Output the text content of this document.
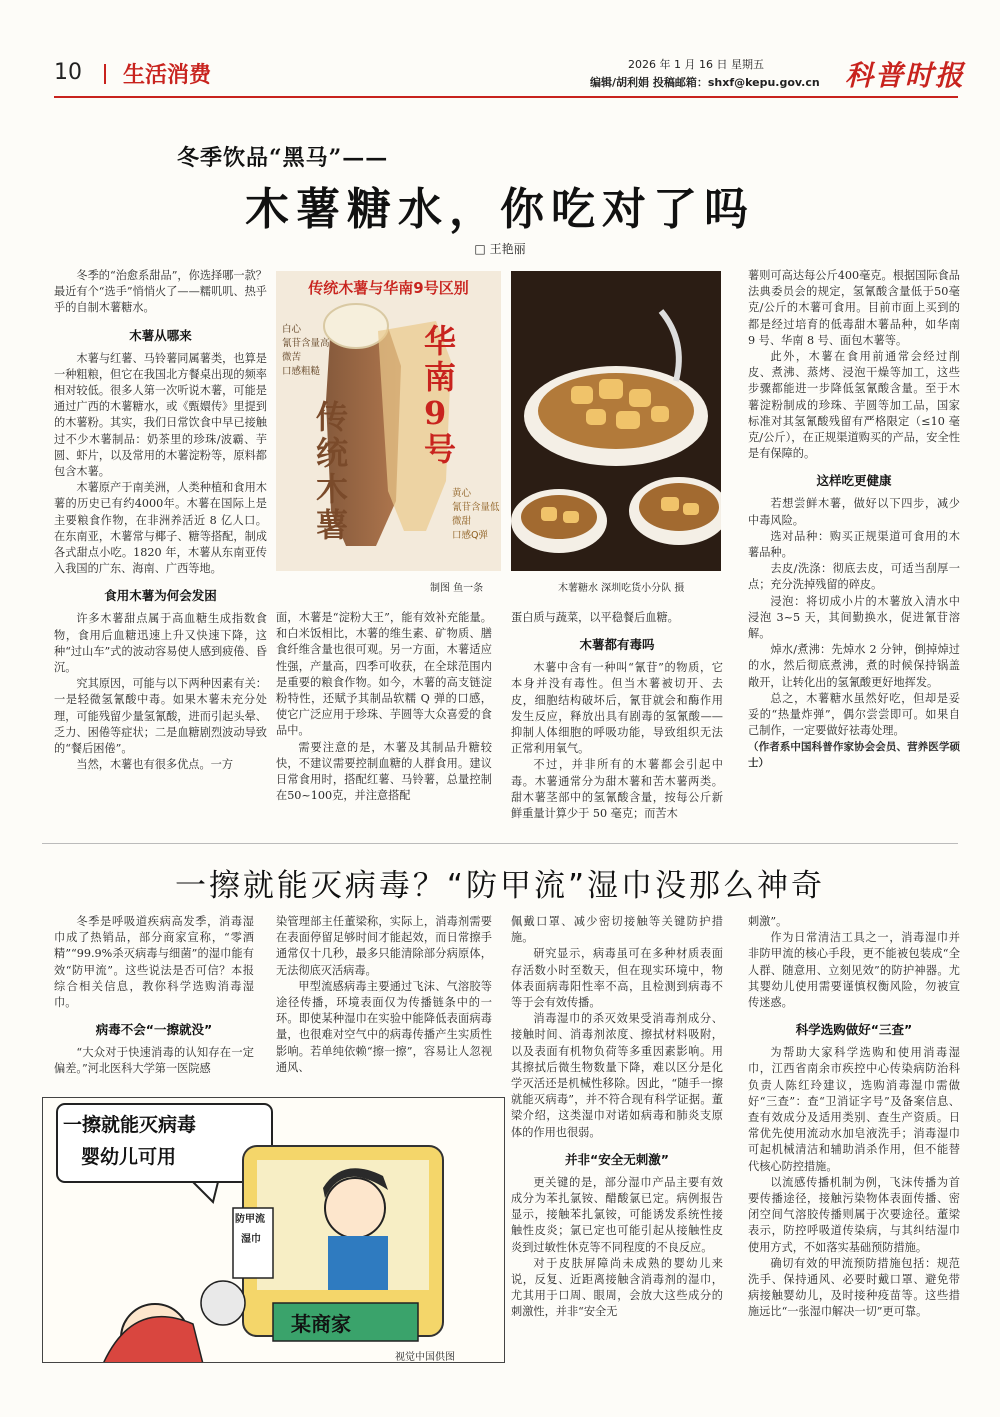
10 生活消费	2026 年 1 月 16 日 星期五
编辑/胡利娟 投稿邮箱：shxf@kepu.gov.cn 科普时报
冬季饮品“黑马”——
木薯糖水，你吃对了吗
□ 王艳丽

冬季的“治愈系甜品”，你选择哪一款？最近有个“选手”悄悄火了——糯叽叽、热乎乎的自制木薯糖水。

木薯从哪来

木薯与红薯、马铃薯同属薯类，也算是一种粗粮，但它在我国北方餐桌出现的频率相对较低。很多人第一次听说木薯，可能是通过广西的木薯糖水，或《甄嬛传》里提到的木薯粉。其实，我们日常饮食中早已接触过不少木薯制品：奶茶里的珍珠/波霸、芋圆、虾片，以及常用的木薯淀粉等，原料都包含木薯。

木薯原产于南美洲，人类种植和食用木薯的历史已有约4000年。木薯在国际上是主要粮食作物，在非洲养活近 8 亿人口。在东南亚，木薯常与椰子、糖等搭配，制成各式甜点小吃。1820 年，木薯从东南亚传入我国的广东、海南、广西等地。

食用木薯为何会发困

许多木薯甜点属于高血糖生成指数食物，食用后血糖迅速上升又快速下降，这种“过山车”式的波动容易使人感到疲倦、昏沉。

究其原因，可能与以下两种因素有关：一是轻微氢氰酸中毒。如果木薯未充分处理，可能残留少量氢氰酸，进而引起头晕、乏力、困倦等症状；二是血糖剧烈波动导致的“餐后困倦”。

当然，木薯也有很多优点。一方

传统木薯与华南9号区别
白心
氰苷含量高
微苦
口感粗糙
传统木薯
华南9号
黄心
氰苷含量低
微甜
口感Q弹
制图 鱼一条	木薯糖水 深圳吃货小分队 摄

面，木薯是“淀粉大王”，能有效补充能量。和白米饭相比，木薯的维生素、矿物质、膳食纤维含量也很可观。另一方面，木薯适应性强，产量高，四季可收获，在全球范围内是重要的粮食作物。如今，木薯的高支链淀粉特性，还赋予其制品软糯 Q 弹的口感，使它广泛应用于珍珠、芋圆等大众喜爱的食品中。

需要注意的是，木薯及其制品升糖较快，不建议需要控制血糖的人群食用。建议日常食用时，搭配红薯、马铃薯，总量控制在50~100克，并注意搭配

蛋白质与蔬菜，以平稳餐后血糖。

木薯都有毒吗

木薯中含有一种叫“氰苷”的物质，它本身并没有毒性。但当木薯被切开、去皮，细胞结构破坏后，氰苷就会和酶作用发生反应，释放出具有剧毒的氢氰酸——抑制人体细胞的呼吸功能，导致组织无法正常利用氧气。

不过，并非所有的木薯都会引起中毒。木薯通常分为甜木薯和苦木薯两类。甜木薯茎部中的氢氰酸含量，按每公斤新鲜重量计算少于 50 毫克；而苦木

薯则可高达每公斤400毫克。根据国际食品法典委员会的规定，氢氰酸含量低于50毫克/公斤的木薯可食用。目前市面上买到的都是经过培育的低毒甜木薯品种，如华南 9 号、华南 8 号、面包木薯等。

此外，木薯在食用前通常会经过削皮、煮沸、蒸烤、浸泡干燥等加工，这些步骤都能进一步降低氢氰酸含量。至于木薯淀粉制成的珍珠、芋圆等加工品，国家标准对其氢氰酸残留有严格限定（≤10 毫克/公斤），在正规渠道购买的产品，安全性是有保障的。

这样吃更健康

若想尝鲜木薯，做好以下四步，减少中毒风险。

选对品种：购买正规渠道可食用的木薯品种。

去皮/洗涤：彻底去皮，可适当刮厚一点；充分洗掉残留的碎皮。

浸泡：将切成小片的木薯放入清水中浸泡 3~5 天，其间勤换水，促进氰苷溶解。

焯水/煮沸：先焯水 2 分钟，倒掉焯过的水，然后彻底煮沸，煮的时候保持锅盖敞开，让转化出的氢氰酸更好地挥发。

总之，木薯糖水虽然好吃，但却是妥妥的“热量炸弹”，偶尔尝尝即可。如果自己制作，一定要做好祛毒处理。

（作者系中国科普作家协会会员、营养医学硕士）

一擦就能灭病毒？“防甲流”湿巾没那么神奇

冬季是呼吸道疾病高发季，消毒湿巾成了热销品，部分商家宣称，“零酒精”“99.9%杀灭病毒与细菌”的湿巾能有效“防甲流”。这些说法是否可信？本报综合相关信息，教你科学选购消毒湿巾。

病毒不会“一擦就没”

“大众对于快速消毒的认知存在一定偏差。”河北医科大学第一医院感

染管理部主任董梁称，实际上，消毒剂需要在表面停留足够时间才能起效，而日常擦手通常仅十几秒，最多只能清除部分病原体，无法彻底灭活病毒。

甲型流感病毒主要通过飞沫、气溶胶等途径传播，环境表面仅为传播链条中的一环。即使某种湿巾在实验中能降低表面病毒量，也很难对空气中的病毒传播产生实质性影响。若单纯依赖“擦一擦”，容易让人忽视通风、

一擦就能灭病毒
婴幼儿可用
防甲流
湿巾
某商家
视觉中国供图

佩戴口罩、减少密切接触等关键防护措施。

研究显示，病毒虽可在多种材质表面存活数小时至数天，但在现实环境中，物体表面病毒阳性率不高，且检测到病毒不等于会有效传播。

消毒湿巾的杀灭效果受消毒剂成分、接触时间、消毒剂浓度、擦拭材料吸附，以及表面有机物负荷等多重因素影响。用其擦拭后微生物数量下降，难以区分是化学灭活还是机械性移除。因此，“随手一擦就能灭病毒”，并不符合现有科学证据。董梁介绍，这类湿巾对诺如病毒和肺炎支原体的作用也很弱。

并非“安全无刺激”

更关键的是，部分湿巾产品主要有效成分为苯扎氯铵、醋酸氯已定。病例报告显示，接触苯扎氯铵，可能诱发系统性接触性皮炎；氯已定也可能引起从接触性皮炎到过敏性休克等不同程度的不良反应。

对于皮肤屏障尚未成熟的婴幼儿来说，反复、近距离接触含消毒剂的湿巾，尤其用于口周、眼周，会放大这些成分的刺激性，并非“安全无

刺激”。

作为日常清洁工具之一，消毒湿巾并非防甲流的核心手段，更不能被包装成“全人群、随意用、立刻见效”的防护神器。尤其婴幼儿使用需要谨慎权衡风险，勿被宣传迷惑。

科学选购做好“三查”

为帮助大家科学选购和使用消毒湿巾，江西省南余市疾控中心传染病防治科负责人陈红玲建议，选购消毒湿巾需做好“三查”：查“卫消证字号”及备案信息、查有效成分及适用类别、查生产资质。日常优先使用流动水加皂液洗手；消毒湿巾可起机械清洁和辅助消杀作用，但不能替代核心防控措施。

以流感传播机制为例，飞沫传播为首要传播途径，接触污染物体表面传播、密闭空间气溶胶传播则属于次要途径。董梁表示，防控呼吸道传染病，与其纠结湿巾使用方式，不如落实基础预防措施。

确切有效的甲流预防措施包括：规范洗手、保持通风、必要时戴口罩、避免带病接触婴幼儿，及时接种疫苗等。这些措施远比“一张湿巾解决一切”更可靠。
